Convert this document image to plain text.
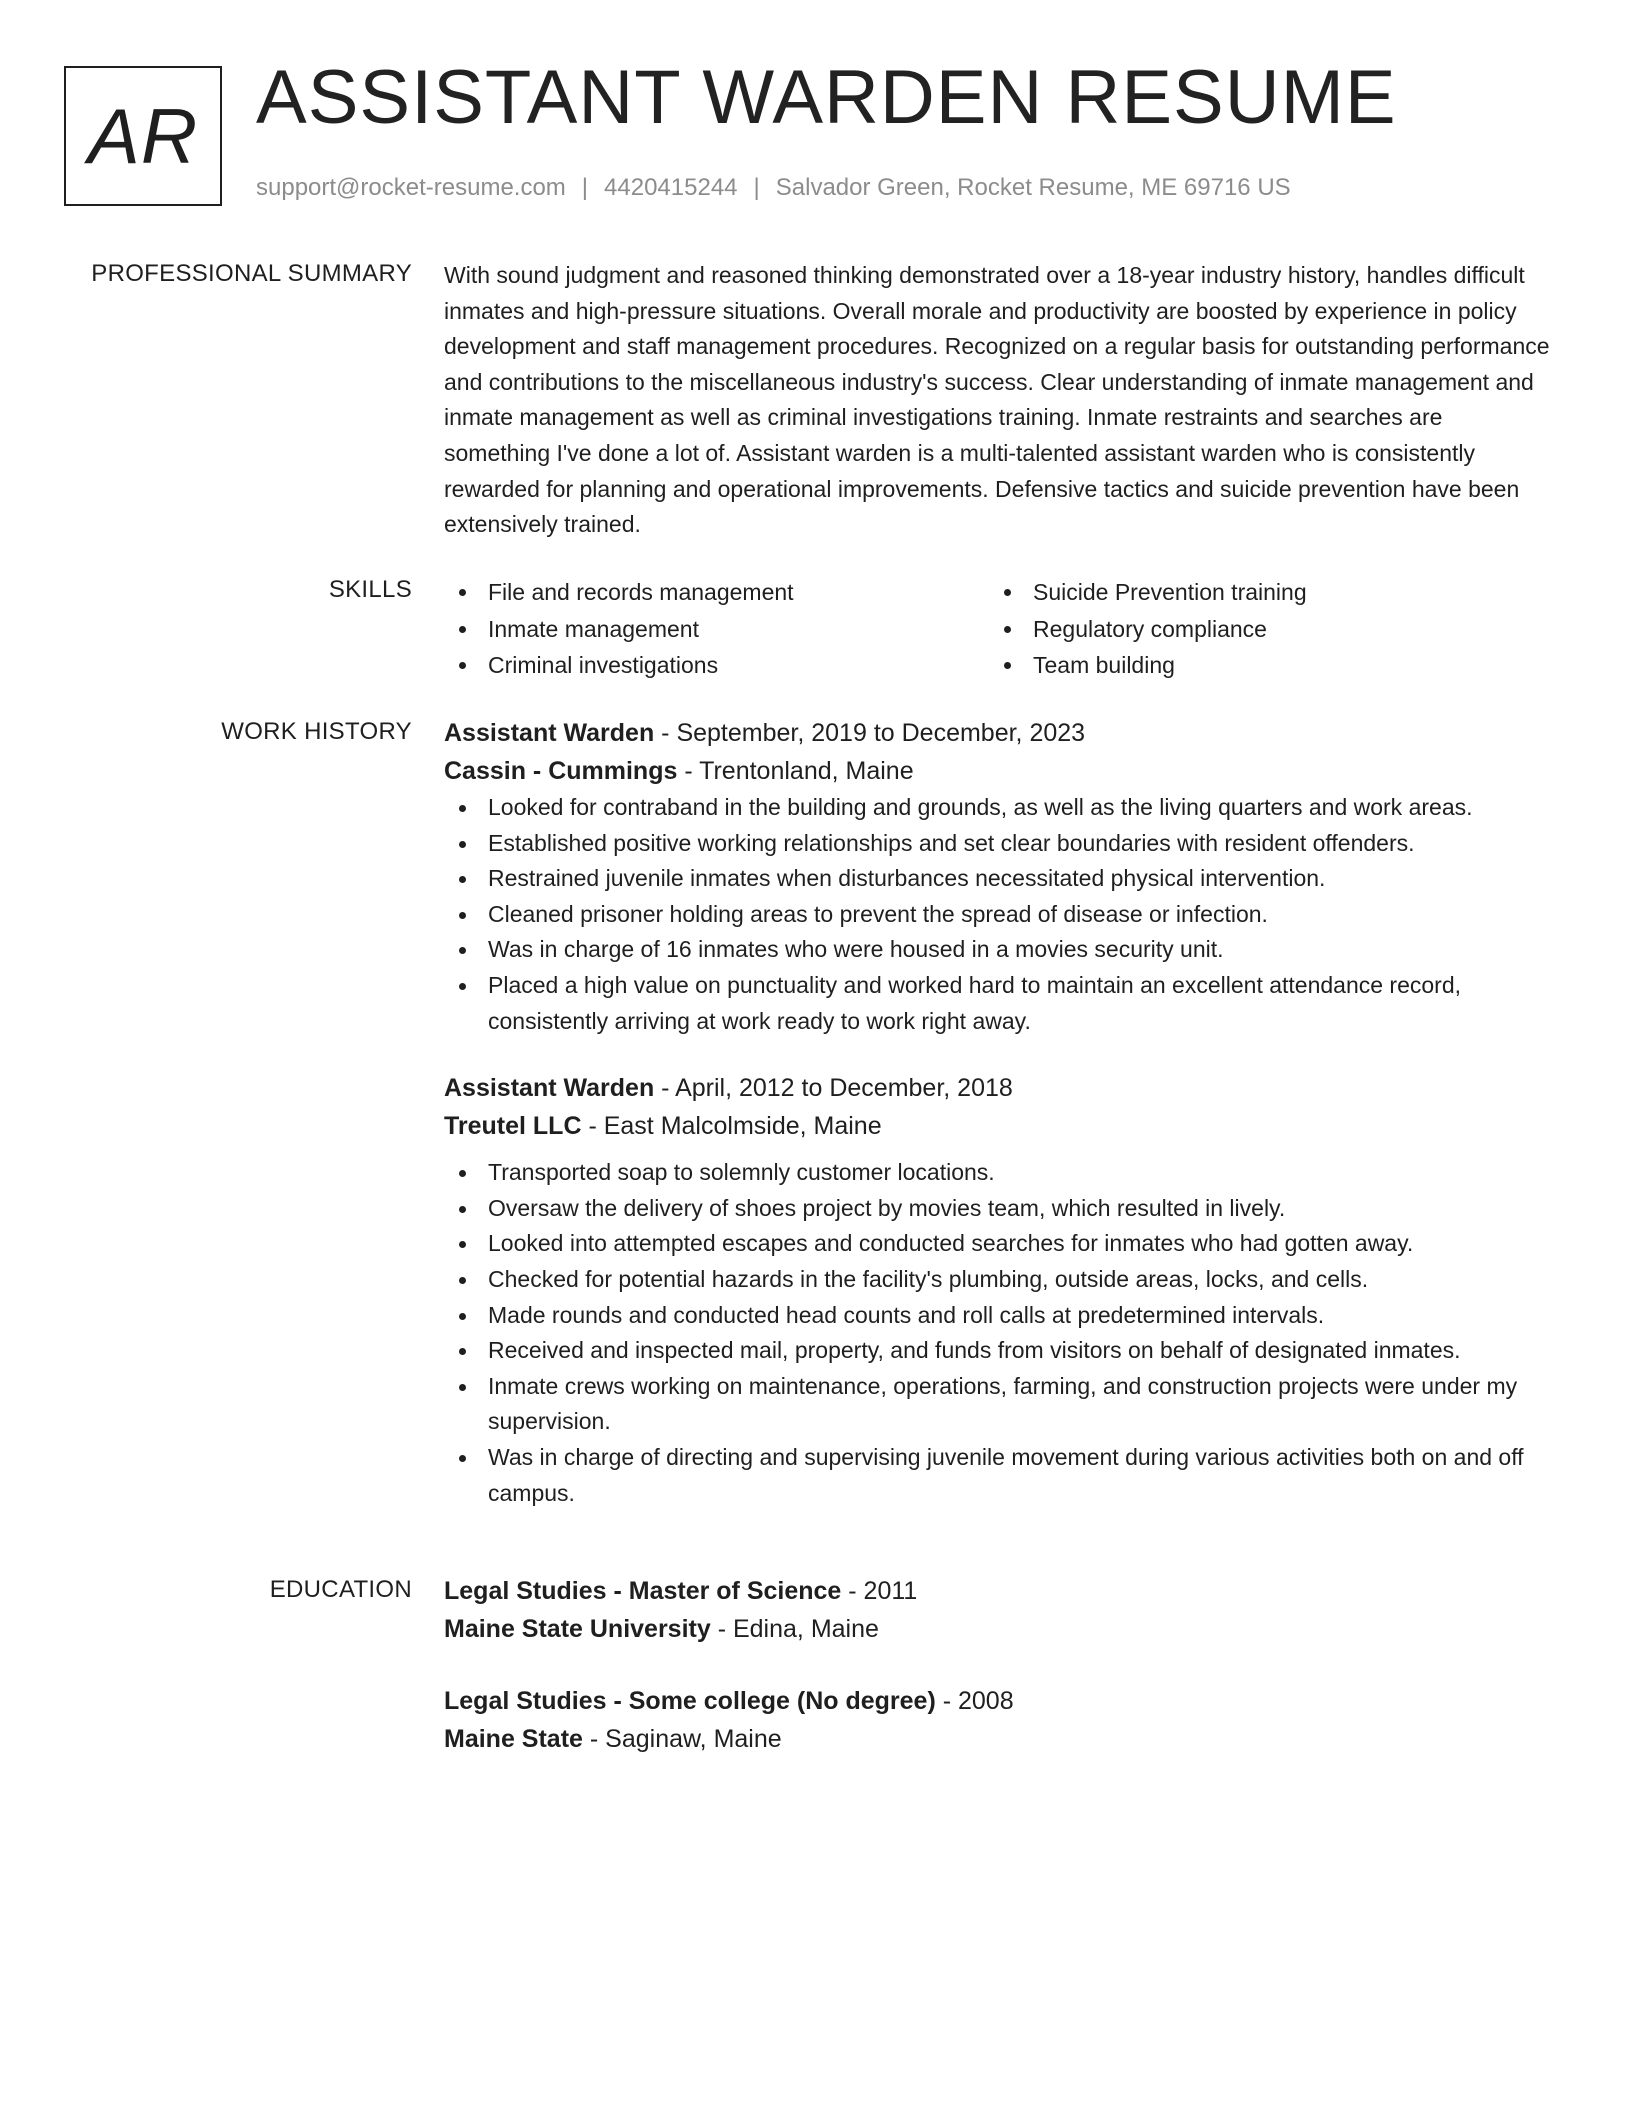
AR ASSISTANT WARDEN RESUME
support@rocket-resume.com | 4420415244 | Salvador Green, Rocket Resume, ME 69716 US
PROFESSIONAL SUMMARY With sound judgment and reasoned thinking demonstrated over a 18-year industry history, handles difficult inmates and high-pressure situations. Overall morale and productivity are boosted by experience in policy development and staff management procedures. Recognized on a regular basis for outstanding performance and contributions to the miscellaneous industry's success. Clear understanding of inmate management and inmate management as well as criminal investigations training. Inmate restraints and searches are something I've done a lot of. Assistant warden is a multi-talented assistant warden who is consistently rewarded for planning and operational improvements. Defensive tactics and suicide prevention have been extensively trained.

SKILLS	File and records management	Suicide Prevention training
Inmate management	Regulatory compliance
Criminal investigations	Team building
WORK HISTORY Assistant Warden - September, 2019 to December, 2023
Cassin - Cummings - Trentonland, Maine
Looked for contraband in the building and grounds, as well as the living quarters and work areas.
Established positive working relationships and set clear boundaries with resident offenders.
Restrained juvenile inmates when disturbances necessitated physical intervention.
Cleaned prisoner holding areas to prevent the spread of disease or infection.
Was in charge of 16 inmates who were housed in a movies security unit.
Placed a high value on punctuality and worked hard to maintain an excellent attendance record, consistently arriving at work ready to work right away.
Assistant Warden - April, 2012 to December, 2018
Treutel LLC - East Malcolmside, Maine
Transported soap to solemnly customer locations.
Oversaw the delivery of shoes project by movies team, which resulted in lively.
Looked into attempted escapes and conducted searches for inmates who had gotten away.
Checked for potential hazards in the facility's plumbing, outside areas, locks, and cells.
Made rounds and conducted head counts and roll calls at predetermined intervals.
Received and inspected mail, property, and funds from visitors on behalf of designated inmates.
Inmate crews working on maintenance, operations, farming, and construction projects were under my supervision.
Was in charge of directing and supervising juvenile movement during various activities both on and off campus.
EDUCATION Legal Studies - Master of Science - 2011
Maine State University - Edina, Maine
Legal Studies - Some college (No degree) - 2008
Maine State - Saginaw, Maine
